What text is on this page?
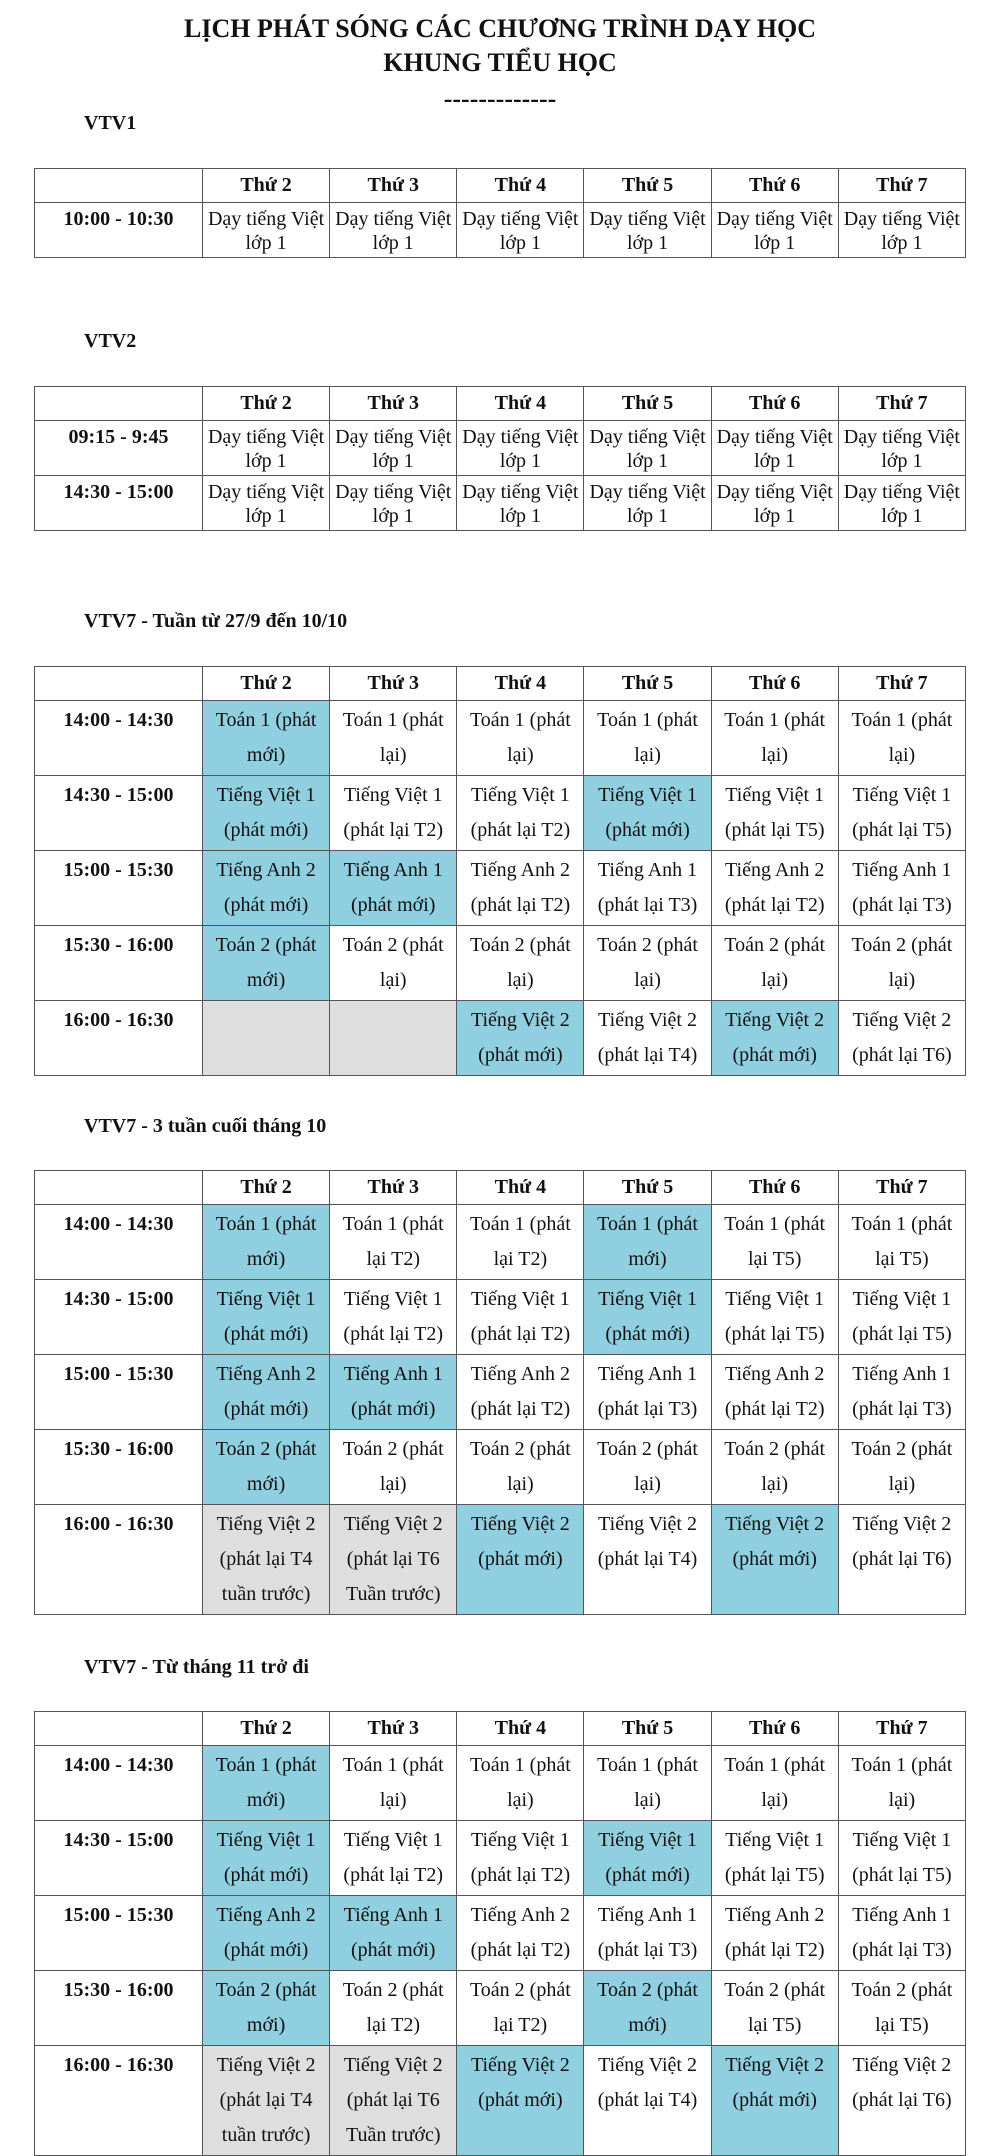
LỊCH PHÁT SÓNG CÁC CHƯƠNG TRÌNH DẠY HỌC
KHUNG TIỂU HỌC
-------------
VTV1
	Thứ 2	Thứ 3	Thứ 4	Thứ 5	Thứ 6	Thứ 7
10:00 - 10:30	Dạy tiếng Việt lớp 1	Dạy tiếng Việt lớp 1	Dạy tiếng Việt lớp 1	Dạy tiếng Việt lớp 1	Dạy tiếng Việt lớp 1	Dạy tiếng Việt lớp 1
VTV2
	Thứ 2	Thứ 3	Thứ 4	Thứ 5	Thứ 6	Thứ 7
09:15 - 9:45	Dạy tiếng Việt lớp 1	Dạy tiếng Việt lớp 1	Dạy tiếng Việt lớp 1	Dạy tiếng Việt lớp 1	Dạy tiếng Việt lớp 1	Dạy tiếng Việt lớp 1
14:30 - 15:00	Dạy tiếng Việt lớp 1	Dạy tiếng Việt lớp 1	Dạy tiếng Việt lớp 1	Dạy tiếng Việt lớp 1	Dạy tiếng Việt lớp 1	Dạy tiếng Việt lớp 1
VTV7 - Tuần từ 27/9 đến 10/10
	Thứ 2	Thứ 3	Thứ 4	Thứ 5	Thứ 6	Thứ 7
14:00 - 14:30	Toán 1 (phát mới)	Toán 1 (phát lại)	Toán 1 (phát lại)	Toán 1 (phát lại)	Toán 1 (phát lại)	Toán 1 (phát lại)
14:30 - 15:00	Tiếng Việt 1 (phát mới)	Tiếng Việt 1 (phát lại T2)	Tiếng Việt 1 (phát lại T2)	Tiếng Việt 1 (phát mới)	Tiếng Việt 1 (phát lại T5)	Tiếng Việt 1 (phát lại T5)
15:00 - 15:30	Tiếng Anh 2 (phát mới)	Tiếng Anh 1 (phát mới)	Tiếng Anh 2 (phát lại T2)	Tiếng Anh 1 (phát lại T3)	Tiếng Anh 2 (phát lại T2)	Tiếng Anh 1 (phát lại T3)
15:30 - 16:00	Toán 2 (phát mới)	Toán 2 (phát lại)	Toán 2 (phát lại)	Toán 2 (phát lại)	Toán 2 (phát lại)	Toán 2 (phát lại)
16:00 - 16:30			Tiếng Việt 2 (phát mới)	Tiếng Việt 2 (phát lại T4)	Tiếng Việt 2 (phát mới)	Tiếng Việt 2 (phát lại T6)
VTV7 - 3 tuần cuối tháng 10
	Thứ 2	Thứ 3	Thứ 4	Thứ 5	Thứ 6	Thứ 7
14:00 - 14:30	Toán 1 (phát mới)	Toán 1 (phát lại T2)	Toán 1 (phát lại T2)	Toán 1 (phát mới)	Toán 1 (phát lại T5)	Toán 1 (phát lại T5)
14:30 - 15:00	Tiếng Việt 1 (phát mới)	Tiếng Việt 1 (phát lại T2)	Tiếng Việt 1 (phát lại T2)	Tiếng Việt 1 (phát mới)	Tiếng Việt 1 (phát lại T5)	Tiếng Việt 1 (phát lại T5)
15:00 - 15:30	Tiếng Anh 2 (phát mới)	Tiếng Anh 1 (phát mới)	Tiếng Anh 2 (phát lại T2)	Tiếng Anh 1 (phát lại T3)	Tiếng Anh 2 (phát lại T2)	Tiếng Anh 1 (phát lại T3)
15:30 - 16:00	Toán 2 (phát mới)	Toán 2 (phát lại)	Toán 2 (phát lại)	Toán 2 (phát lại)	Toán 2 (phát lại)	Toán 2 (phát lại)
16:00 - 16:30	Tiếng Việt 2 (phát lại T4 tuần trước)	Tiếng Việt 2 (phát lại T6 Tuần trước)	Tiếng Việt 2 (phát mới)	Tiếng Việt 2 (phát lại T4)	Tiếng Việt 2 (phát mới)	Tiếng Việt 2 (phát lại T6)
VTV7 - Từ tháng 11 trở đi
	Thứ 2	Thứ 3	Thứ 4	Thứ 5	Thứ 6	Thứ 7
14:00 - 14:30	Toán 1 (phát mới)	Toán 1 (phát lại)	Toán 1 (phát lại)	Toán 1 (phát lại)	Toán 1 (phát lại)	Toán 1 (phát lại)
14:30 - 15:00	Tiếng Việt 1 (phát mới)	Tiếng Việt 1 (phát lại T2)	Tiếng Việt 1 (phát lại T2)	Tiếng Việt 1 (phát mới)	Tiếng Việt 1 (phát lại T5)	Tiếng Việt 1 (phát lại T5)
15:00 - 15:30	Tiếng Anh 2 (phát mới)	Tiếng Anh 1 (phát mới)	Tiếng Anh 2 (phát lại T2)	Tiếng Anh 1 (phát lại T3)	Tiếng Anh 2 (phát lại T2)	Tiếng Anh 1 (phát lại T3)
15:30 - 16:00	Toán 2 (phát mới)	Toán 2 (phát lại T2)	Toán 2 (phát lại T2)	Toán 2 (phát mới)	Toán 2 (phát lại T5)	Toán 2 (phát lại T5)
16:00 - 16:30	Tiếng Việt 2 (phát lại T4 tuần trước)	Tiếng Việt 2 (phát lại T6 Tuần trước)	Tiếng Việt 2 (phát mới)	Tiếng Việt 2 (phát lại T4)	Tiếng Việt 2 (phát mới)	Tiếng Việt 2 (phát lại T6)
